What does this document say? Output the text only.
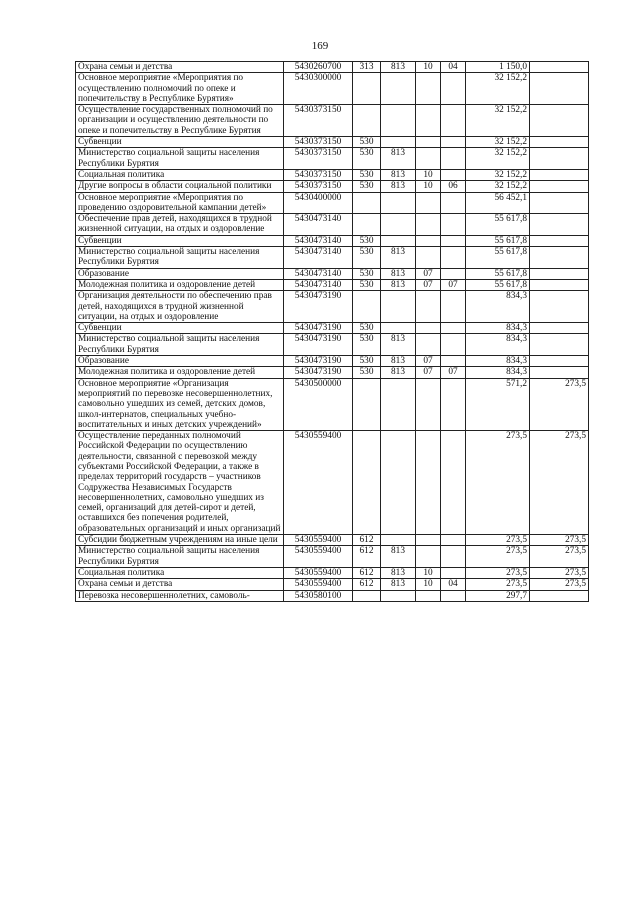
169
Охрана семьи и детства	5430260700	313	813	10	04	1 150,0		
Основное мероприятие «Мероприятия по осуществлению полномочий по опеке и попечительству в Республике Бурятия»	5430300000					32 152,2		
Осуществление государственных полномочий по организации и осуществлению деятельности по опеке и попечительству в Республике Бурятия	5430373150					32 152,2		
Субвенции	5430373150	530				32 152,2		
Министерство социальной защиты населения Республики Бурятия	5430373150	530	813			32 152,2		
Социальная политика	5430373150	530	813	10		32 152,2		
Другие вопросы в области социальной политики	5430373150	530	813	10	06	32 152,2		
Основное мероприятие «Мероприятия по проведению оздоровительной кампании детей»	5430400000					56 452,1		
Обеспечение прав детей, находящихся в трудной жизненной ситуации, на отдых и оздоровление	5430473140					55 617,8		
Субвенции	5430473140	530				55 617,8		
Министерство социальной защиты населения Республики Бурятия	5430473140	530	813			55 617,8		
Образование	5430473140	530	813	07		55 617,8		
Молодежная политика и оздоровление детей	5430473140	530	813	07	07	55 617,8		
Организация деятельности по обеспечению прав детей, находящихся в трудной жизненной ситуации, на отдых и оздоровление	5430473190					834,3		
Субвенции	5430473190	530				834,3		
Министерство социальной защиты населения Республики Бурятия	5430473190	530	813			834,3		
Образование	5430473190	530	813	07		834,3		
Молодежная политика и оздоровление детей	5430473190	530	813	07	07	834,3		
Основное мероприятие «Организация мероприятий по перевозке несовершеннолетних, самовольно ушедших из семей, детских домов, школ-интернатов, специальных учебно-воспитательных и иных детских учреждений»	5430500000					571,2	273,5	
Осуществление переданных полномочий Российской Федерации по осуществлению деятельности, связанной с перевозкой между субъектами Российской Федерации, а также в пределах территорий государств – участников Содружества Независимых Государств несовершеннолетних, самовольно ушедших из семей, организаций для детей-сирот и детей, оставшихся без попечения родителей, образовательных организаций и иных организаций	5430559400					273,5	273,5	
Субсидии бюджетным учреждениям на иные цели	5430559400	612				273,5	273,5	
Министерство социальной защиты населения Республики Бурятия	5430559400	612	813			273,5	273,5	
Социальная политика	5430559400	612	813	10		273,5	273,5	
Охрана семьи и детства	5430559400	612	813	10	04	273,5	273,5	
Перевозка несовершеннолетних, самоволь-	5430580100					297,7		
